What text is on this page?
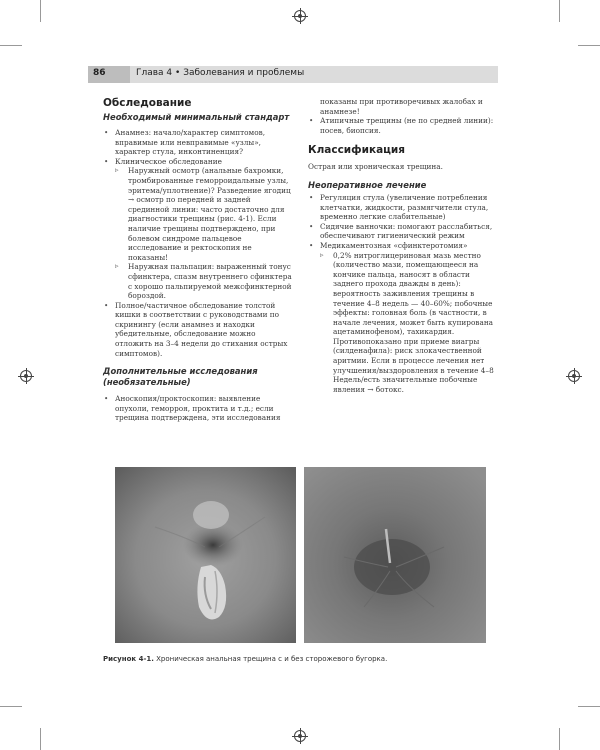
86	Глава 4 • Заболевания и проблемы
Обследование
Необходимый минимальный стандарт
• Анамнез: начало/характер симптомов, вправимые или невправимые «узлы», характер стула, инконтиненция?
• Клиническое обследование
▹ Наружный осмотр (анальные бахромки, тромбированные геморроидальные узлы, эритема/уплотнение)? Разведение ягодиц → осмотр по передней и задней срединной линии: часто достаточно для диагностики трещины (рис. 4-1). Если наличие трещины подтверждено, при болевом синдроме пальцевое исследование и ректоскопия не показаны!
▹ Наружная пальпация: выраженный тонус сфинктера, спазм внутреннего сфинктера с хорошо пальпируемой межсфинктерной бороздой.
• Полное/частичное обследование толстой кишки в соответствии с руководствами по скринингу (если анамнез и находки убедительные, обследование можно отложить на 3–4 недели до стихания острых симптомов).
Дополнительные исследования (необязательные)
• Аноскопия/проктоскопия: выявление опухоли, геморроя, проктита и т.д.; если трещина подтверждена, эти исследования
показаны при противоречивых жалобах и анамнезе!
• Атипичные трещины (не по средней линии): посев, биопсия.
Классификация
Острая или хроническая трещина.
Неоперативное лечение
• Регуляция стула (увеличение потребления клетчатки, жидкости, размягчители стула, временно легкие слабительные)
• Сидячие ванночки: помогают расслабиться, обеспечивают гигиенический режим
• Медикаментозная «сфинктеротомия»
▹ 0,2% нитроглицериновая мазь местно (количество мази, помещающееся на кончике пальца, наносят в области заднего прохода дважды в день): вероятность заживления трещины в течение 4–8 недель — 40–60%; побочные эффекты: головная боль (в частности, в начале лечения, может быть купирована ацетаминофеном), тахикардия. Противопоказано при приеме виагры (силденафила): риск злокачественной аритмии. Если в процессе лечения нет улучшения/выздоровления в течение 4–8 Недель/есть значительные побочные явления → ботокс.
Рисунок 4-1. Хроническая анальная трещина с и без сторожевого бугорка.
